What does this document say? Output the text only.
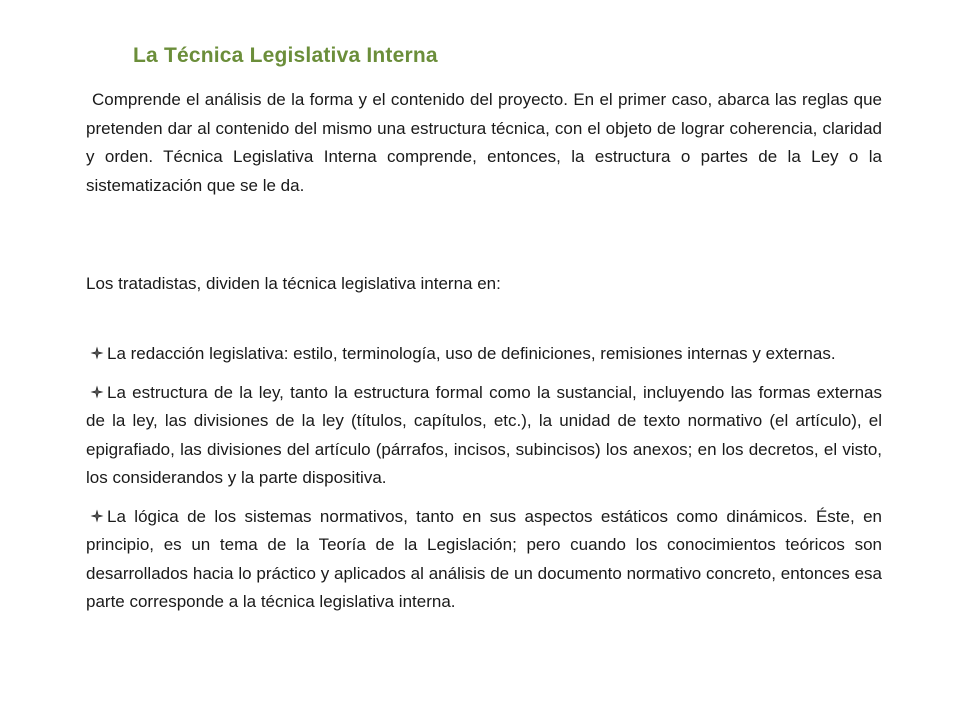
La Técnica Legislativa Interna

Comprende el análisis de la forma y el contenido del proyecto. En el primer caso, abarca las reglas que pretenden dar al contenido del mismo una estructura técnica, con el objeto de lograr coherencia, claridad y orden. Técnica Legislativa Interna comprende, entonces, la estructura o partes de la Ley o la sistematización que se le da.

Los tratadistas, dividen la técnica legislativa interna en:

La redacción legislativa: estilo, terminología, uso de definiciones, remisiones internas y externas.
La estructura de la ley, tanto la estructura formal como la sustancial, incluyendo las formas externas de la ley, las divisiones de la ley (títulos, capítulos, etc.), la unidad de texto normativo (el artículo), el epigrafiado, las divisiones del artículo (párrafos, incisos, subincisos) los anexos; en los decretos, el visto, los considerandos y la parte dispositiva.
La lógica de los sistemas normativos, tanto en sus aspectos estáticos como dinámicos. Éste, en principio, es un tema de la Teoría de la Legislación; pero cuando los conocimientos teóricos son desarrollados hacia lo práctico y aplicados al análisis de un documento normativo concreto, entonces esa parte corresponde a la técnica legislativa interna.
